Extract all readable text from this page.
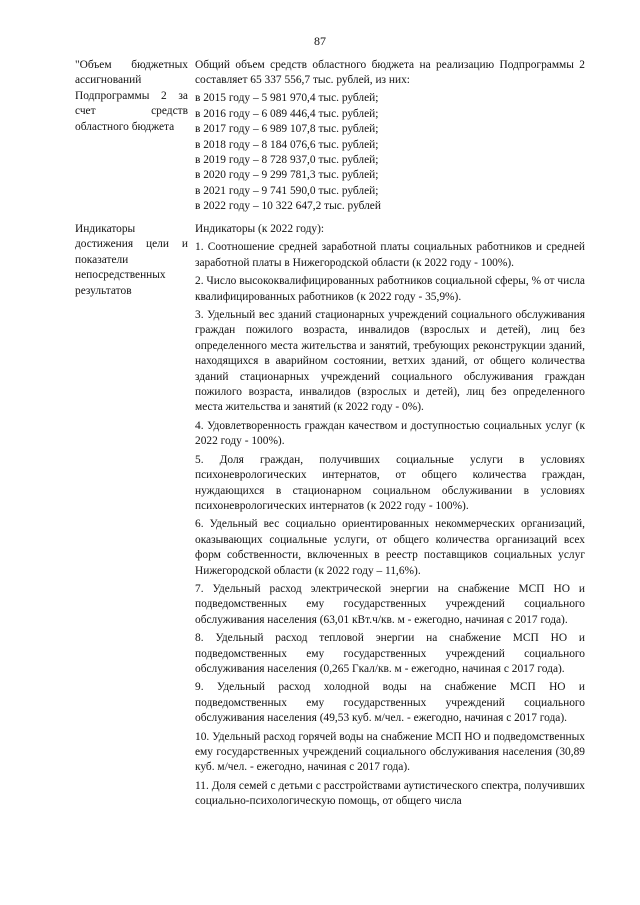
87
"Объем бюджетных ассигнований Подпрограммы 2 за счет средств областного бюджета
Общий объем средств областного бюджета на реализацию Подпрограммы 2 составляет 65 337 556,7 тыс. рублей, из них:
в 2015 году – 5 981 970,4 тыс. рублей;
в 2016 году – 6 089 446,4 тыс. рублей;
в 2017 году – 6 989 107,8 тыс. рублей;
в 2018 году – 8 184 076,6 тыс. рублей;
в 2019 году – 8 728 937,0 тыс. рублей;
в 2020 году – 9 299 781,3 тыс. рублей;
в 2021 году – 9 741 590,0 тыс. рублей;
в 2022 году – 10 322 647,2 тыс. рублей
Индикаторы достижения цели и показатели непосредственных результатов
Индикаторы (к 2022 году):
1. Соотношение средней заработной платы социальных работников и средней заработной платы в Нижегородской области (к 2022 году - 100%).
2. Число высококвалифицированных работников социальной сферы, % от числа квалифицированных работников (к 2022 году - 35,9%).
3. Удельный вес зданий стационарных учреждений социального обслуживания граждан пожилого возраста, инвалидов (взрослых и детей), лиц без определенного места жительства и занятий, требующих реконструкции зданий, находящихся в аварийном состоянии, ветхих зданий, от общего количества зданий стационарных учреждений социального обслуживания граждан пожилого возраста, инвалидов (взрослых и детей), лиц без определенного места жительства и занятий (к 2022 году - 0%).
4. Удовлетворенность граждан качеством и доступностью социальных услуг (к 2022 году - 100%).
5. Доля граждан, получивших социальные услуги в условиях психоневрологических интернатов, от общего количества граждан, нуждающихся в стационарном социальном обслуживании в условиях психоневрологических интернатов (к 2022 году - 100%).
6. Удельный вес социально ориентированных некоммерческих организаций, оказывающих социальные услуги, от общего количества организаций всех форм собственности, включенных в реестр поставщиков социальных услуг Нижегородской области (к 2022 году – 11,6%).
7. Удельный расход электрической энергии на снабжение МСП НО и подведомственных ему государственных учреждений социального обслуживания населения (63,01 кВт.ч/кв. м - ежегодно, начиная с 2017 года).
8. Удельный расход тепловой энергии на снабжение МСП НО и подведомственных ему государственных учреждений социального обслуживания населения (0,265 Гкал/кв. м - ежегодно, начиная с 2017 года).
9. Удельный расход холодной воды на снабжение МСП НО и подведомственных ему государственных учреждений социального обслуживания населения (49,53 куб. м/чел. - ежегодно, начиная с 2017 года).
10. Удельный расход горячей воды на снабжение МСП НО и подведомственных ему государственных учреждений социального обслуживания населения (30,89 куб. м/чел. - ежегодно, начиная с 2017 года).
11. Доля семей с детьми с расстройствами аутистического спектра, получивших социально-психологическую помощь, от общего числа
